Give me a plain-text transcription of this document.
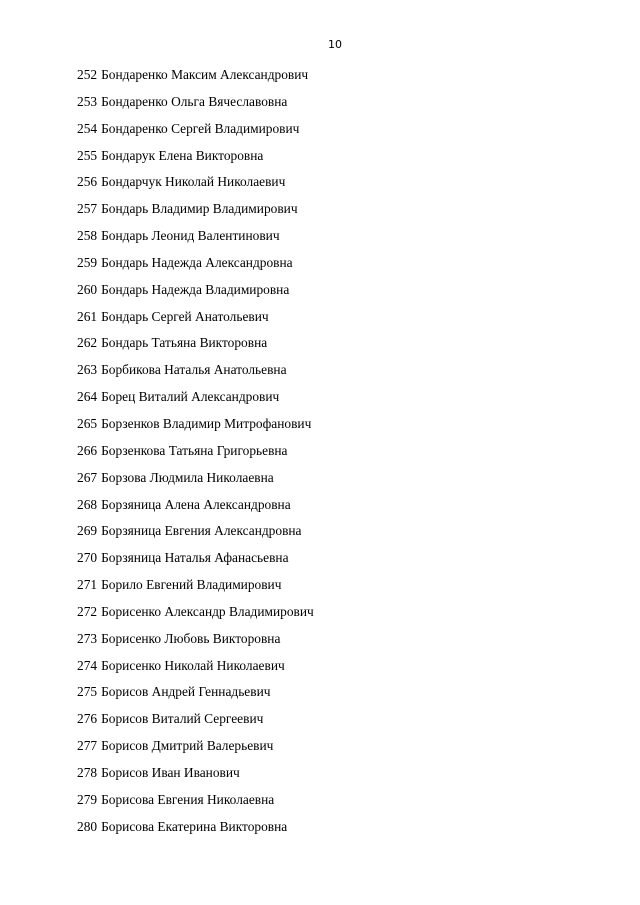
10
252 Бондаренко Максим Александрович
253 Бондаренко Ольга Вячеславовна
254 Бондаренко Сергей Владимирович
255 Бондарук Елена Викторовна
256 Бондарчук Николай Николаевич
257 Бондарь Владимир Владимирович
258 Бондарь Леонид Валентинович
259 Бондарь Надежда Александровна
260 Бондарь Надежда Владимировна
261 Бондарь Сергей Анатольевич
262 Бондарь Татьяна Викторовна
263 Борбикова Наталья Анатольевна
264 Борец Виталий Александрович
265 Борзенков Владимир Митрофанович
266 Борзенкова Татьяна Григорьевна
267 Борзова Людмила Николаевна
268 Борзяница Алена Александровна
269 Борзяница Евгения Александровна
270 Борзяница Наталья Афанасьевна
271 Борило Евгений Владимирович
272 Борисенко Александр Владимирович
273 Борисенко Любовь Викторовна
274 Борисенко Николай Николаевич
275 Борисов Андрей Геннадьевич
276 Борисов Виталий Сергеевич
277 Борисов Дмитрий Валерьевич
278 Борисов Иван Иванович
279 Борисова Евгения Николаевна
280 Борисова Екатерина Викторовна
